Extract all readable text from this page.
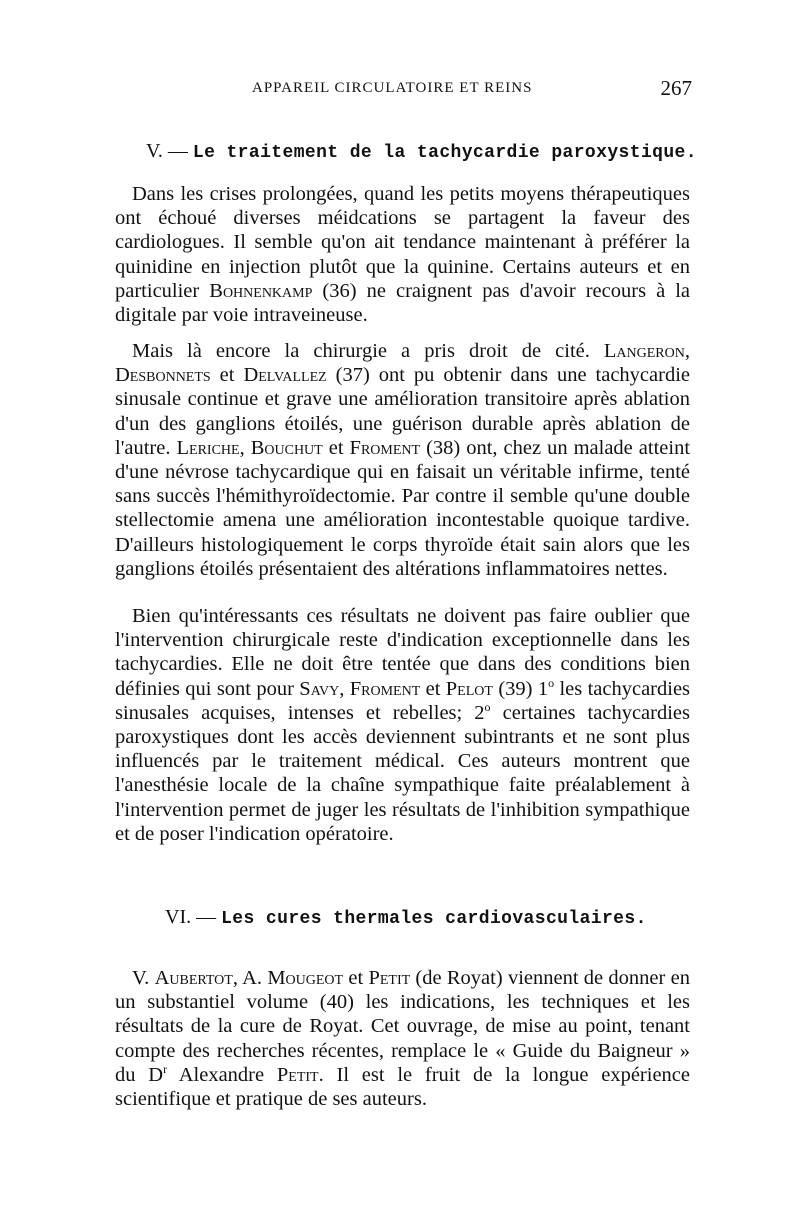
APPAREIL CIRCULATOIRE ET REINS	267
V. — Le traitement de la tachycardie paroxystique.

Dans les crises prolongées, quand les petits moyens thérapeutiques ont échoué diverses méidcations se partagent la faveur des cardiologues. Il semble qu'on ait tendance maintenant à préférer la quinidine en injection plutôt que la quinine. Certains auteurs et en particulier Bohnenkamp (36) ne craignent pas d'avoir recours à la digitale par voie intraveineuse.

Mais là encore la chirurgie a pris droit de cité. Langeron, Desbonnets et Delvallez (37) ont pu obtenir dans une tachycardie sinusale continue et grave une amélioration transitoire après ablation d'un des ganglions étoilés, une guérison durable après ablation de l'autre. Leriche, Bouchut et Froment (38) ont, chez un malade atteint d'une névrose tachycardique qui en faisait un véritable infirme, tenté sans succès l'hémithyroïdectomie. Par contre il semble qu'une double stellectomie amena une amélioration incontestable quoique tardive. D'ailleurs histologiquement le corps thyroïde était sain alors que les ganglions étoilés présentaient des altérations inflammatoires nettes.

Bien qu'intéressants ces résultats ne doivent pas faire oublier que l'intervention chirurgicale reste d'indication exceptionnelle dans les tachycardies. Elle ne doit être tentée que dans des conditions bien définies qui sont pour Savy, Froment et Pelot (39) 1$^o$ les tachycardies sinusales acquises, intenses et rebelles; 2$^o$ certaines tachycardies paroxystiques dont les accès deviennent subintrants et ne sont plus influencés par le traitement médical. Ces auteurs montrent que l'anesthésie locale de la chaîne sympathique faite préalablement à l'intervention permet de juger les résultats de l'inhibition sympathique et de poser l'indication opératoire.

VI. — Les cures thermales cardiovasculaires.

V. Aubertot, A. Mougeot et Petit (de Royat) viennent de donner en un substantiel volume (40) les indications, les techniques et les résultats de la cure de Royat. Cet ouvrage, de mise au point, tenant compte des recherches récentes, remplace le « Guide du Baigneur » du $D^r$ Alexandre Petit. Il est le fruit de la longue expérience scientifique et pratique de ses auteurs.
